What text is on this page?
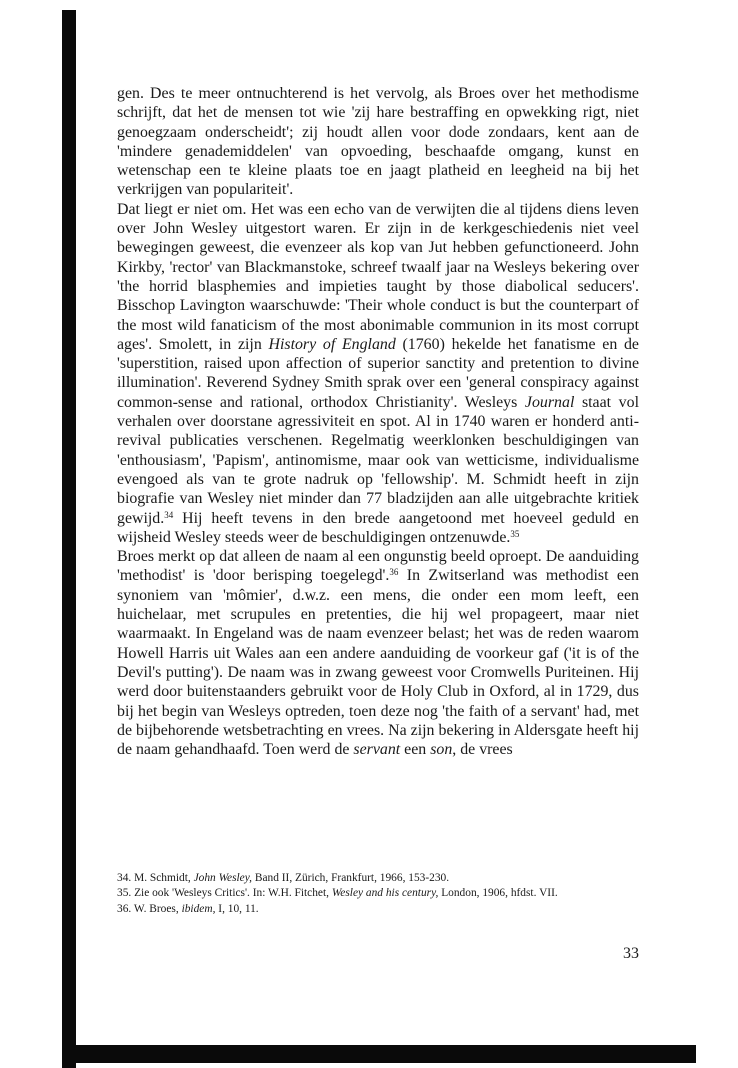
gen. Des te meer ontnuchterend is het vervolg, als Broes over het methodisme schrijft, dat het de mensen tot wie 'zij hare bestraffing en opwekking rigt, niet genoegzaam onderscheidt'; zij houdt allen voor dode zondaars, kent aan de 'mindere genademiddelen' van opvoeding, beschaafde omgang, kunst en wetenschap een te kleine plaats toe en jaagt platheid en leegheid na bij het verkrijgen van populariteit'.

Dat liegt er niet om. Het was een echo van de verwijten die al tijdens diens leven over John Wesley uitgestort waren. Er zijn in de kerkgeschiedenis niet veel bewegingen geweest, die evenzeer als kop van Jut hebben gefunctioneerd. John Kirkby, 'rector' van Blackmanstoke, schreef twaalf jaar na Wesleys bekering over 'the horrid blasphemies and impieties taught by those diabolical seducers'. Bisschop Lavington waarschuwde: 'Their whole conduct is but the counterpart of the most wild fanaticism of the most abonimable communion in its most corrupt ages'. Smolett, in zijn History of England (1760) hekelde het fanatisme en de 'superstition, raised upon affection of superior sanctity and pretention to divine illumination'. Reverend Sydney Smith sprak over een 'general conspiracy against common-sense and rational, orthodox Christianity'. Wesleys Journal staat vol verhalen over doorstane agressiviteit en spot. Al in 1740 waren er honderd anti-revival publicaties verschenen. Regelmatig weerklonken beschuldigingen van 'enthousiasm', 'Papism', antinomisme, maar ook van wetticisme, individualisme evengoed als van te grote nadruk op 'fellowship'. M. Schmidt heeft in zijn biografie van Wesley niet minder dan 77 bladzijden aan alle uitgebrachte kritiek gewijd.$^{34}$ Hij heeft tevens in den brede aangetoond met hoeveel geduld en wijsheid Wesley steeds weer de beschuldigingen ontzenuwde.$^{35}$

Broes merkt op dat alleen de naam al een ongunstig beeld oproept. De aanduiding 'methodist' is 'door berisping toegelegd'.$^{36}$ In Zwitserland was methodist een synoniem van 'mômier', d.w.z. een mens, die onder een mom leeft, een huichelaar, met scrupules en pretenties, die hij wel propageert, maar niet waarmaakt. In Engeland was de naam evenzeer belast; het was de reden waarom Howell Harris uit Wales aan een andere aanduiding de voorkeur gaf ('it is of the Devil's putting'). De naam was in zwang geweest voor Cromwells Puriteinen. Hij werd door buitenstaanders gebruikt voor de Holy Club in Oxford, al in 1729, dus bij het begin van Wesleys optreden, toen deze nog 'the faith of a servant' had, met de bijbehorende wetsbetrachting en vrees. Na zijn bekering in Aldersgate heeft hij de naam gehandhaafd. Toen werd de servant een son, de vrees

34. M. Schmidt, John Wesley, Band II, Zürich, Frankfurt, 1966, 153-230.

35. Zie ook 'Wesleys Critics'. In: W.H. Fitchet, Wesley and his century, London, 1906, hfdst. VII.

36. W. Broes, ibidem, I, 10, 11.

33
